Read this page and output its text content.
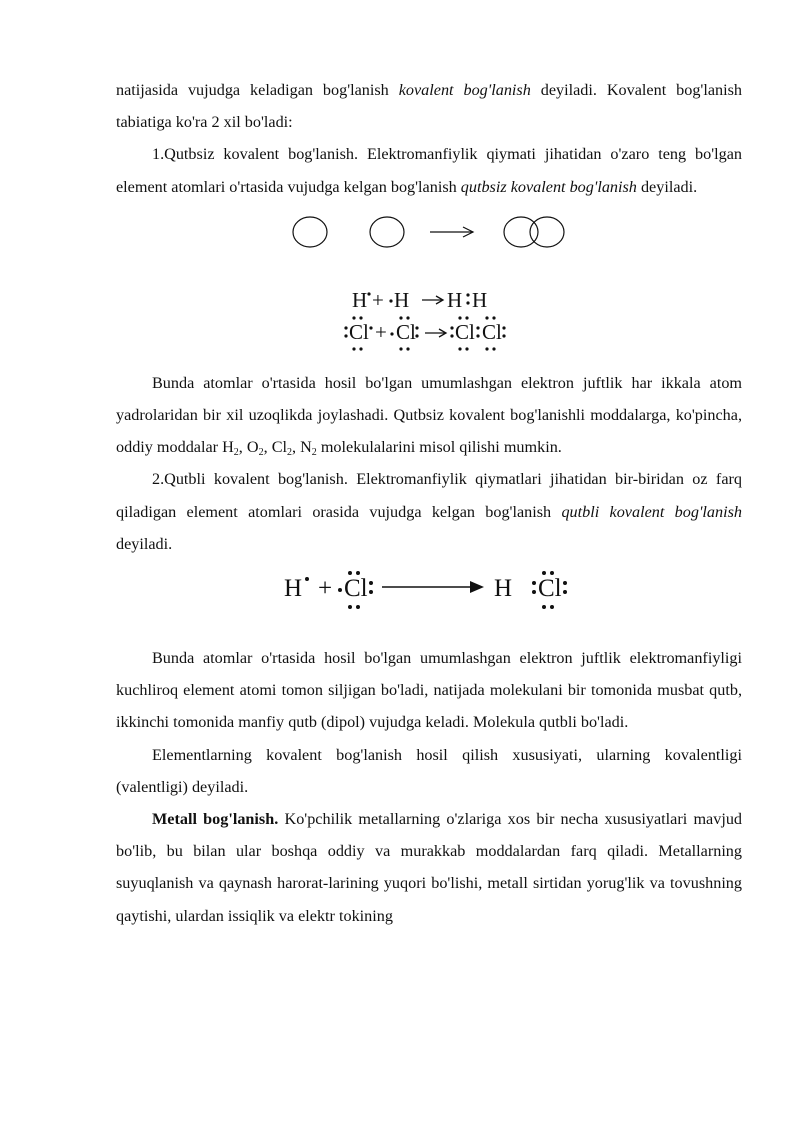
natijasida vujudga keladigan bog'lanish kovalent bog'lanish deyiladi. Kovalent bog'lanish tabiatiga ko'ra 2 xil bo'ladi:

1.Qutbsiz kovalent bog'lanish. Elektromanfiylik qiymati jihatidan o'zaro teng bo'lgan element atomlari o'rtasida vujudga kelgan bog'lanish qutbsiz kovalent bog'lanish deyiladi.

H + H H H
Cl + Cl Cl Cl

Bunda atomlar o'rtasida hosil bo'lgan umumlashgan elektron juftlik har ikkala atom yadrolaridan bir xil uzoqlikda joylashadi. Qutbsiz kovalent bog'lanishli moddalarga, ko'pincha, oddiy moddalar $H_2$, $O_2$, $Cl_2$, $N_2$ molekulalarini misol qilishi mumkin.

2.Qutbli kovalent bog'lanish. Elektromanfiylik qiymatlari jihatidan bir-biridan oz farq qiladigan element atomlari orasida vujudga kelgan bog'lanish qutbli kovalent bog'lanish deyiladi.

H + Cl	H Cl

Bunda atomlar o'rtasida hosil bo'lgan umumlashgan elektron juftlik elektromanfiyligi kuchliroq element atomi tomon siljigan bo'ladi, natijada molekulani bir tomonida musbat qutb, ikkinchi tomonida manfiy qutb (dipol) vujudga keladi. Molekula qutbli bo'ladi.

Elementlarning kovalent bog'lanish hosil qilish xususiyati, ularning kovalentligi (valentligi) deyiladi.

Metall bog'lanish. Ko'pchilik metallarning o'zlariga xos bir necha xususiyatlari mavjud bo'lib, bu bilan ular boshqa oddiy va murakkab moddalardan farq qiladi. Metallarning suyuqlanish va qaynash harorat-larining yuqori bo'lishi, metall sirtidan yorug'lik va tovushning qaytishi, ulardan issiqlik va elektr tokining
